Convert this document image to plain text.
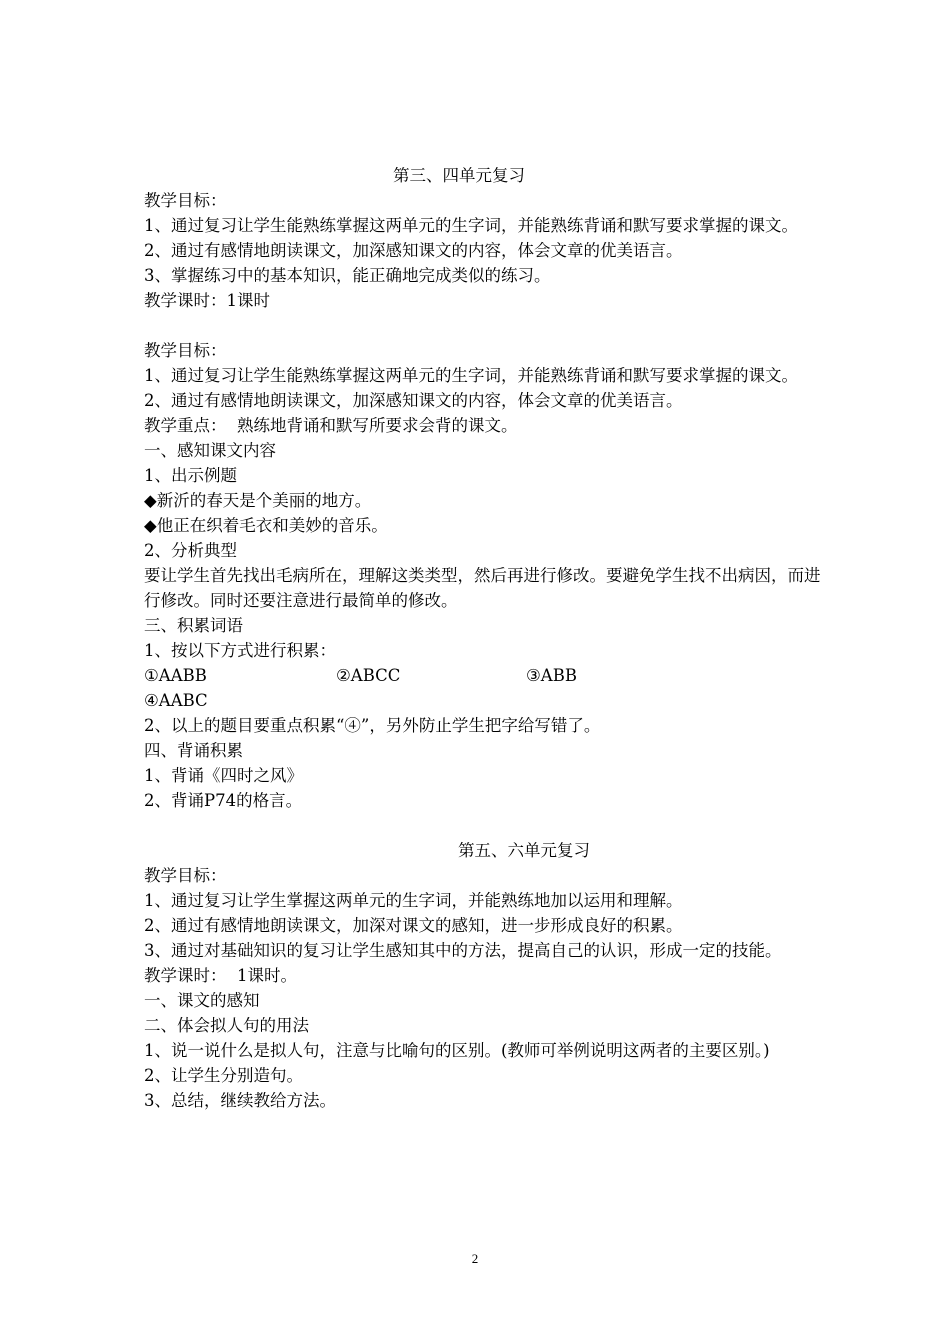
第三、四单元复习
教学目标：
1、通过复习让学生能熟练掌握这两单元的生字词，并能熟练背诵和默写要求掌握的课文。
2、通过有感情地朗读课文，加深感知课文的内容，体会文章的优美语言。
3、掌握练习中的基本知识，能正确地完成类似的练习。
教学课时：1课时
教学目标：
1、通过复习让学生能熟练掌握这两单元的生字词，并能熟练背诵和默写要求掌握的课文。
2、通过有感情地朗读课文，加深感知课文的内容，体会文章的优美语言。
教学重点：  熟练地背诵和默写所要求会背的课文。
一、感知课文内容
1、出示例题
◆新沂的春天是个美丽的地方。
◆他正在织着毛衣和美妙的音乐。
2、分析典型
要让学生首先找出毛病所在，理解这类类型，然后再进行修改。要避免学生找不出病因，而进行修改。同时还要注意进行最简单的修改。
三、积累词语
1、按以下方式进行积累：
①AABB	②ABCC	③ABB
④AABC
2、以上的题目要重点积累“④”，另外防止学生把字给写错了。
四、背诵积累
1、背诵《四时之风》
2、背诵P74的格言。
第五、六单元复习
教学目标：
1、通过复习让学生掌握这两单元的生字词，并能熟练地加以运用和理解。
2、通过有感情地朗读课文，加深对课文的感知，进一步形成良好的积累。
3、通过对基础知识的复习让学生感知其中的方法，提高自己的认识，形成一定的技能。
教学课时：  1课时。
一、课文的感知
二、体会拟人句的用法
1、说一说什么是拟人句，注意与比喻句的区别。(教师可举例说明这两者的主要区别。)
2、让学生分别造句。
3、总结，继续教给方法。
2
